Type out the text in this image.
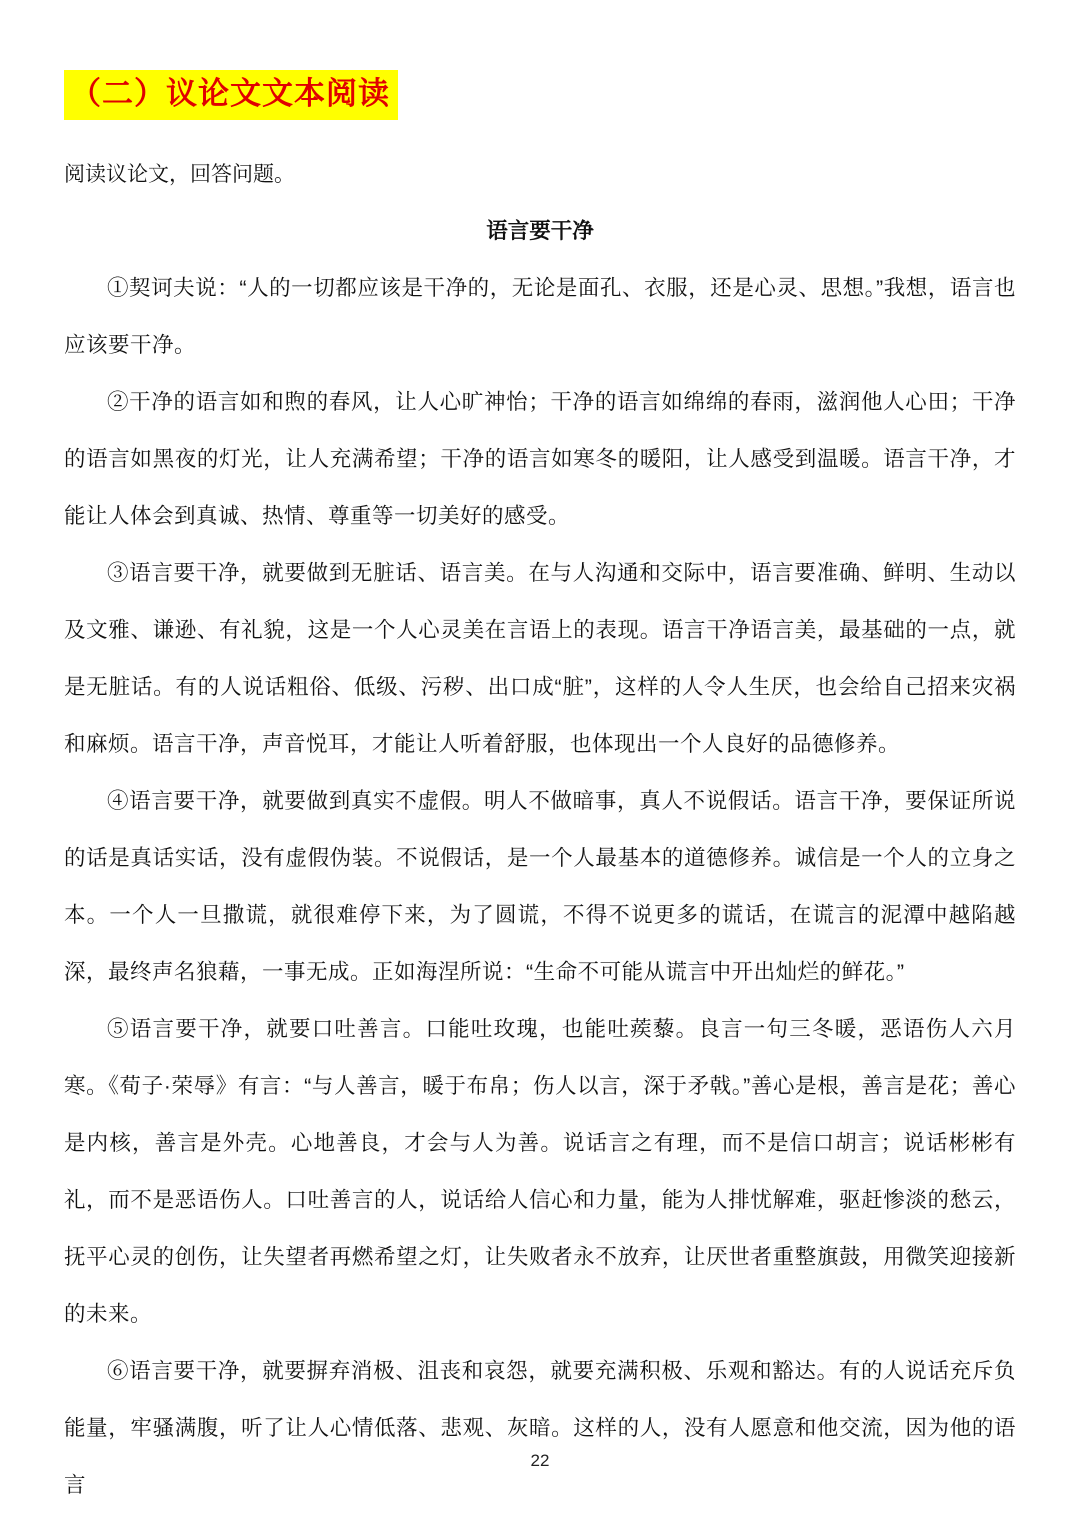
（二）议论文文本阅读

阅读议论文，回答问题。

语言要干净

①契诃夫说：“人的一切都应该是干净的，无论是面孔、衣服，还是心灵、思想。”我想，语言也应该要干净。

②干净的语言如和煦的春风，让人心旷神怡；干净的语言如绵绵的春雨，滋润他人心田；干净的语言如黑夜的灯光，让人充满希望；干净的语言如寒冬的暖阳，让人感受到温暖。语言干净，才能让人体会到真诚、热情、尊重等一切美好的感受。

③语言要干净，就要做到无脏话、语言美。在与人沟通和交际中，语言要准确、鲜明、生动以及文雅、谦逊、有礼貌，这是一个人心灵美在言语上的表现。语言干净语言美，最基础的一点，就是无脏话。有的人说话粗俗、低级、污秽、出口成“脏”，这样的人令人生厌，也会给自己招来灾祸和麻烦。语言干净，声音悦耳，才能让人听着舒服，也体现出一个人良好的品德修养。

④语言要干净，就要做到真实不虚假。明人不做暗事，真人不说假话。语言干净，要保证所说的话是真话实话，没有虚假伪装。不说假话，是一个人最基本的道德修养。诚信是一个人的立身之本。一个人一旦撒谎，就很难停下来，为了圆谎，不得不说更多的谎话，在谎言的泥潭中越陷越深，最终声名狼藉，一事无成。正如海涅所说：“生命不可能从谎言中开出灿烂的鲜花。”

⑤语言要干净，就要口吐善言。口能吐玫瑰，也能吐蒺藜。良言一句三冬暖，恶语伤人六月寒。《荀子·荣辱》有言：“与人善言，暖于布帛；伤人以言，深于矛戟。”善心是根，善言是花；善心是内核，善言是外壳。心地善良，才会与人为善。说话言之有理，而不是信口胡言；说话彬彬有礼，而不是恶语伤人。口吐善言的人，说话给人信心和力量，能为人排忧解难，驱赶惨淡的愁云，抚平心灵的创伤，让失望者再燃希望之灯，让失败者永不放弃，让厌世者重整旗鼓，用微笑迎接新的未来。

⑥语言要干净，就要摒弃消极、沮丧和哀怨，就要充满积极、乐观和豁达。有的人说话充斥负能量，牢骚满腹，听了让人心情低落、悲观、灰暗。这样的人，没有人愿意和他交流，因为他的语言

22
